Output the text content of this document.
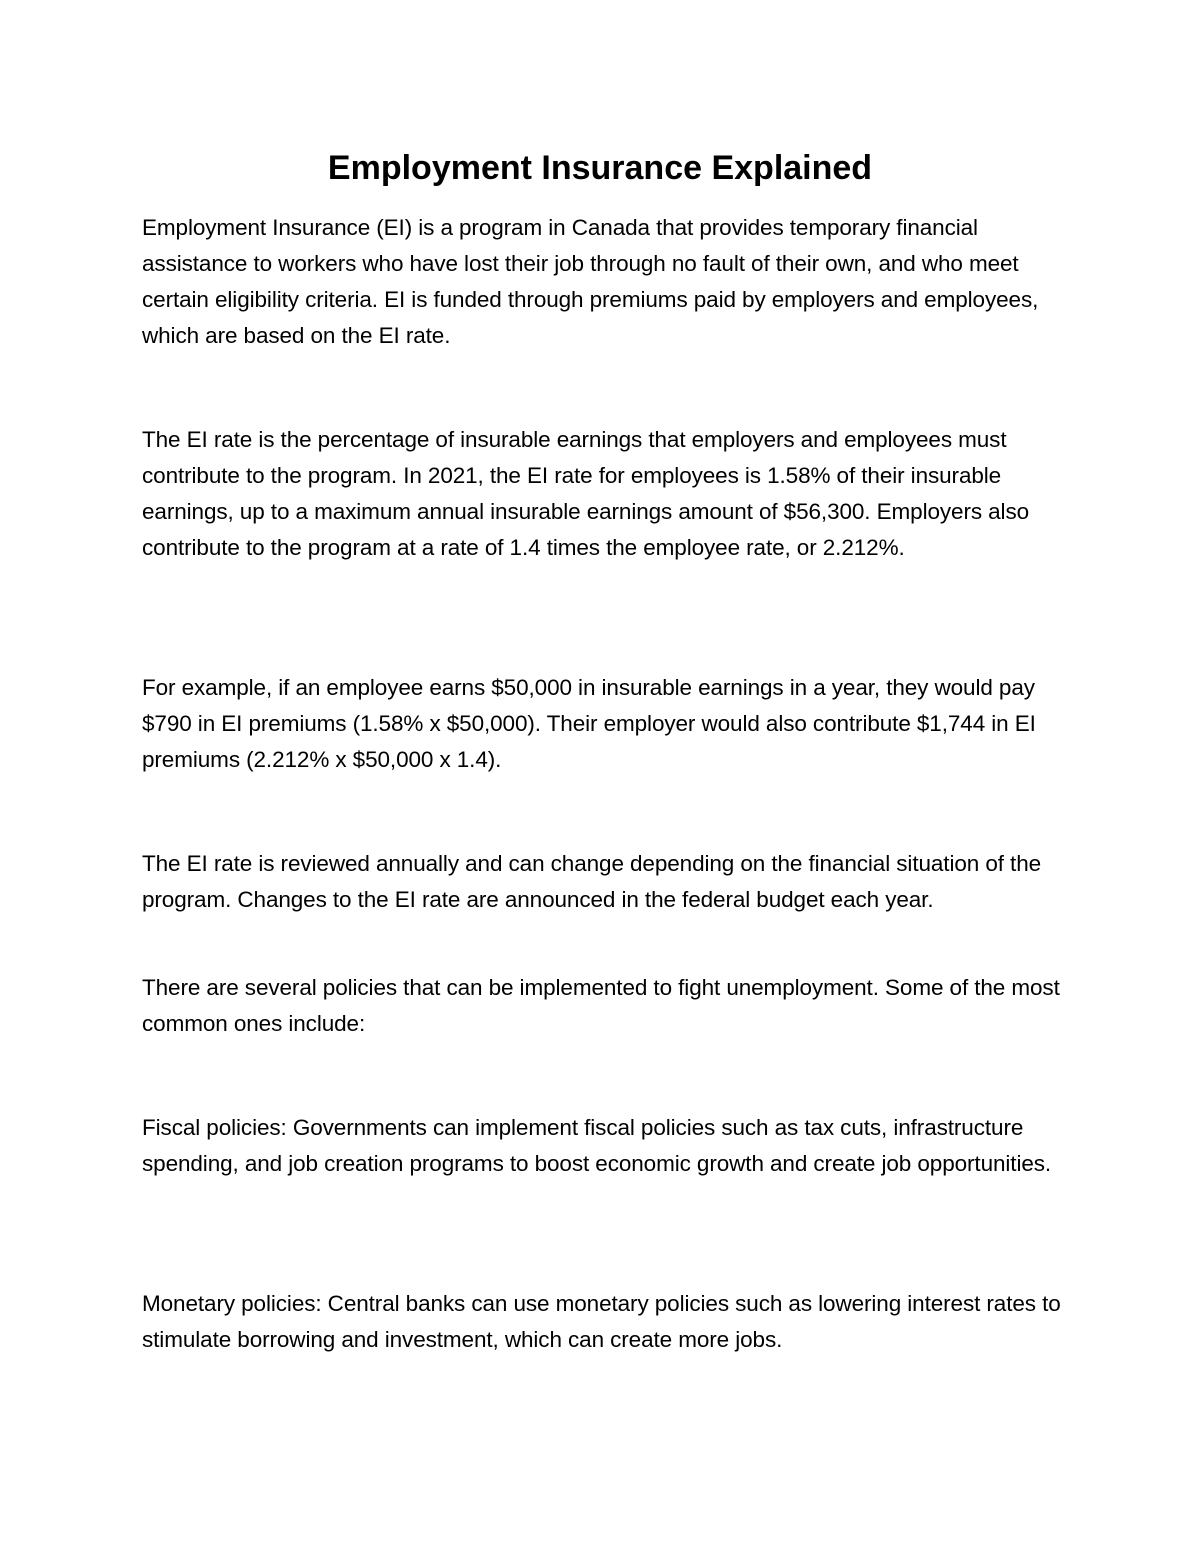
Employment Insurance Explained

Employment Insurance (EI) is a program in Canada that provides temporary financial assistance to workers who have lost their job through no fault of their own, and who meet certain eligibility criteria. EI is funded through premiums paid by employers and employees, which are based on the EI rate.

The EI rate is the percentage of insurable earnings that employers and employees must contribute to the program. In 2021, the EI rate for employees is 1.58% of their insurable earnings, up to a maximum annual insurable earnings amount of $56,300. Employers also contribute to the program at a rate of 1.4 times the employee rate, or 2.212%.

For example, if an employee earns $50,000 in insurable earnings in a year, they would pay $790 in EI premiums (1.58% x $50,000). Their employer would also contribute $1,744 in EI premiums (2.212% x $50,000 x 1.4).

The EI rate is reviewed annually and can change depending on the financial situation of the program. Changes to the EI rate are announced in the federal budget each year.

There are several policies that can be implemented to fight unemployment. Some of the most common ones include:

Fiscal policies: Governments can implement fiscal policies such as tax cuts, infrastructure spending, and job creation programs to boost economic growth and create job opportunities.

Monetary policies: Central banks can use monetary policies such as lowering interest rates to stimulate borrowing and investment, which can create more jobs.
